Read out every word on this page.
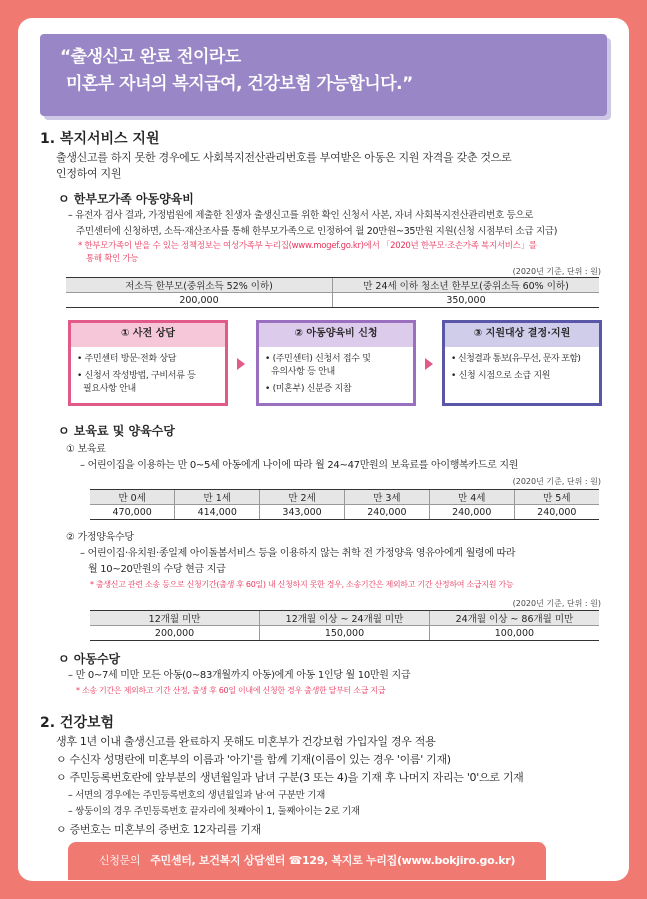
“출생신고 완료 전이라도
미혼부 자녀의 복지급여, 건강보험 가능합니다.”
1. 복지서비스 지원
출생신고를 하지 못한 경우에도 사회복지전산관리번호를 부여받은 아동은 지원 자격을 갖춘 것으로
인정하여 지원
ㅇ 한부모가족 아동양육비
– 유전자 검사 결과, 가정법원에 제출한 친생자 출생신고를 위한 확인 신청서 사본, 자녀 사회복지전산관리번호 등으로
주민센터에 신청하면, 소득·재산조사를 통해 한부모가족으로 인정하여 월 20만원~35만원 지원(신청 시점부터 소급 지급)
* 한부모가족이 받을 수 있는 정책정보는 여성가족부 누리집(www.mogef.go.kr)에서 「2020년 한부모·조손가족 복지서비스」를
통해 확인 가능
(2020년 기준, 단위 : 원)
저소득 한부모(중위소득 52% 이하)	만 24세 이하 청소년 한부모(중위소득 60% 이하)
200,000	350,000
① 사전 상담
• 주민센터 방문·전화 상담
• 신청서 작성방법, 구비서류 등
필요사항 안내
② 아동양육비 신청
• (주민센터) 신청서 접수 및
유의사항 등 안내
• (미혼부) 신분증 지참
③ 지원대상 결정·지원
• 신청결과 통보(유·무선, 문자 포함)
• 신청 시점으로 소급 지원
ㅇ 보육료 및 양육수당
① 보육료
– 어린이집을 이용하는 만 0~5세 아동에게 나이에 따라 월 24~47만원의 보육료를 아이행복카드로 지원
(2020년 기준, 단위 : 원)
만 0세	만 1세	만 2세	만 3세	만 4세	만 5세
470,000	414,000	343,000	240,000	240,000	240,000
② 가정양육수당
– 어린이집·유치원·종일제 아이돌봄서비스 등을 이용하지 않는 취학 전 가정양육 영유아에게 월령에 따라
월 10~20만원의 수당 현금 지급
* 출생신고 관련 소송 등으로 신청기간(출생 후 60일) 내 신청하지 못한 경우, 소송기간은 제외하고 기간 산정하여 소급지원 가능
(2020년 기준, 단위 : 원)
12개월 미만	12개월 이상 ~ 24개월 미만	24개월 이상 ~ 86개월 미만
200,000	150,000	100,000
ㅇ 아동수당
– 만 0~7세 미만 모든 아동(0~83개월까지 아동)에게 아동 1인당 월 10만원 지급
* 소송 기간은 제외하고 기간 산정, 출생 후 60일 이내에 신청한 경우 출생한 달부터 소급 지급
2. 건강보험
생후 1년 이내 출생신고를 완료하지 못해도 미혼부가 건강보험 가입자일 경우 적용
ㅇ 수신자 성명란에 미혼부의 이름과 '아기'를 함께 기재(이름이 있는 경우 '이름' 기재)
ㅇ 주민등록번호란에 앞부분의 생년월일과 남녀 구분(3 또는 4)을 기재 후 나머지 자리는 '0'으로 기재
– 서면의 경우에는 주민등록번호의 생년월일과 남·여 구분만 기재
– 쌍둥이의 경우 주민등록번호 끝자리에 첫째아이 1, 둘째아이는 2로 기재
ㅇ 증번호는 미혼부의 증번호 12자리를 기재
신청문의 주민센터, 보건복지 상담센터 ☎129, 복지로 누리집(www.bokjiro.go.kr)
